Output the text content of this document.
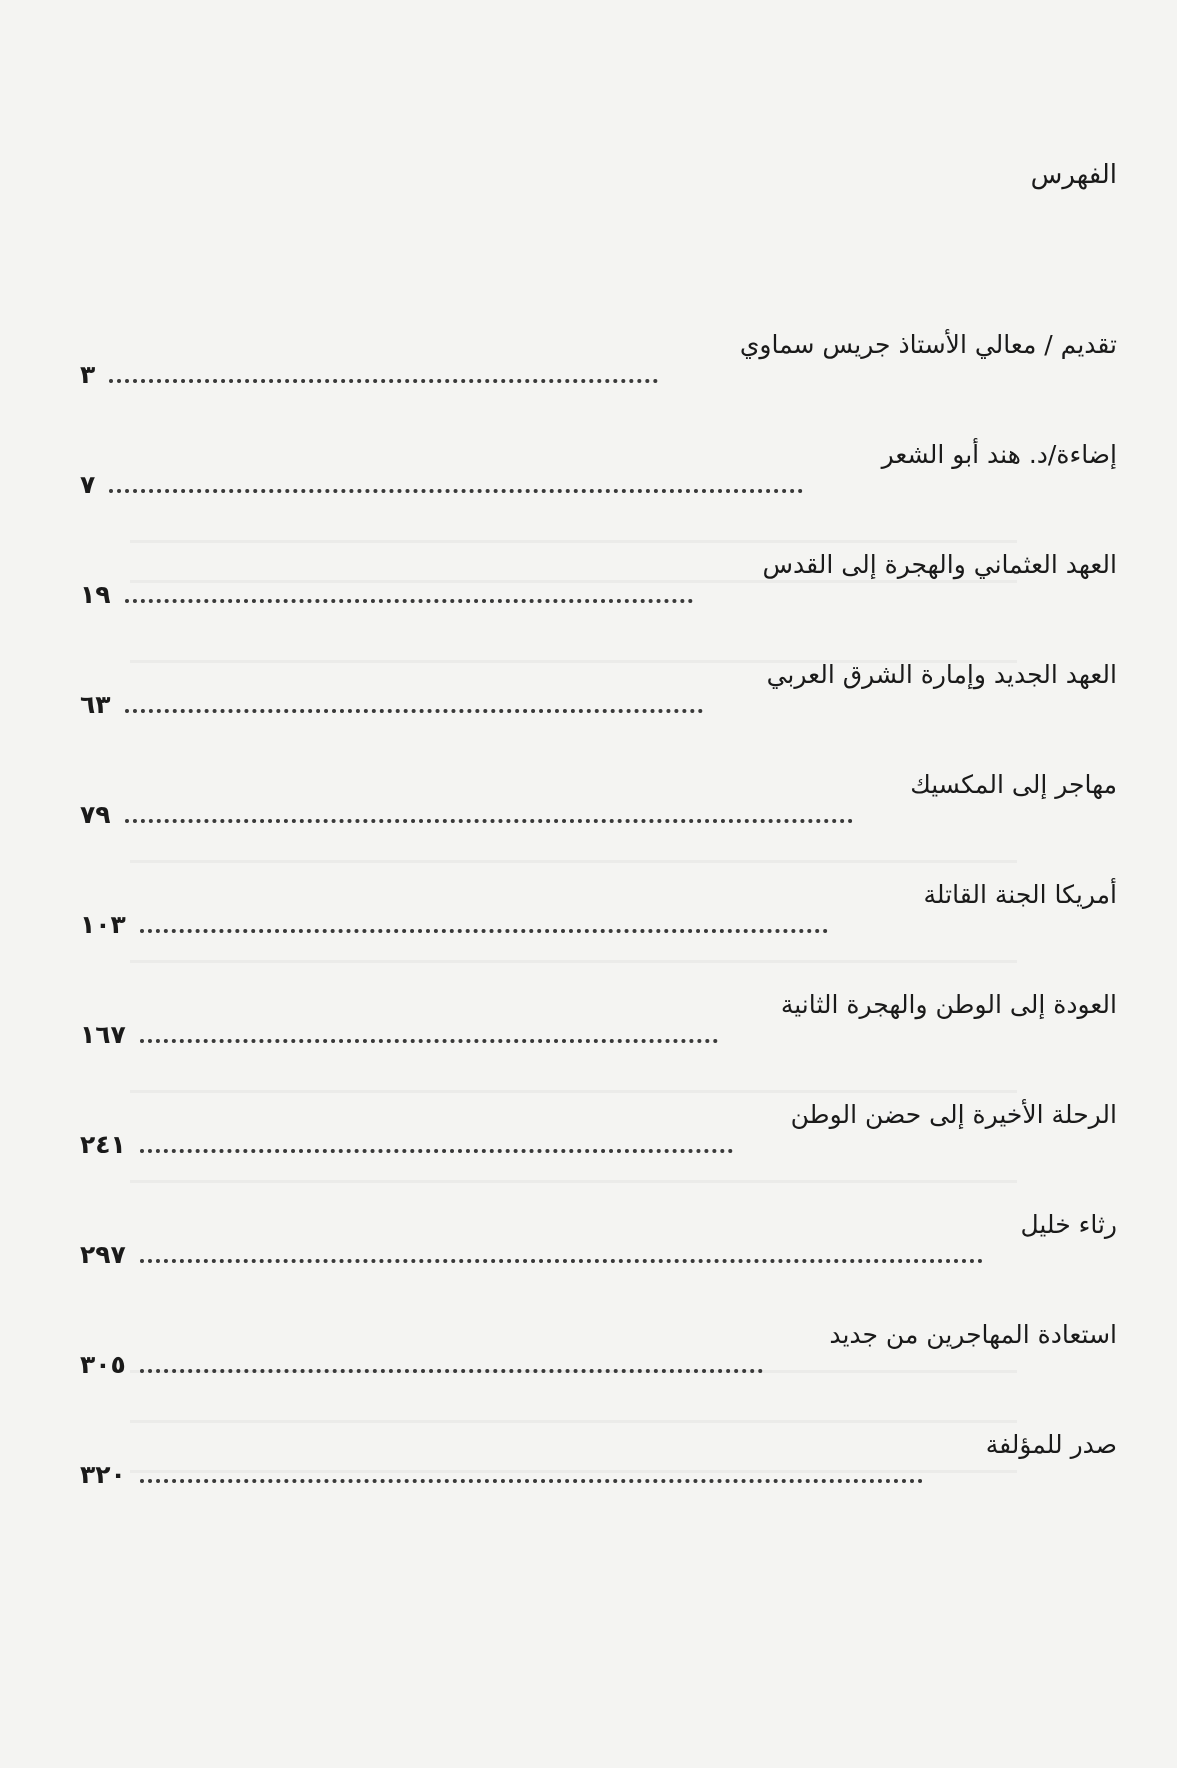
الفهرس
تقديم / معالي الأستاذ جريس سماوي
٣
إضاءة/د. هند أبو الشعر
٧
العهد العثماني والهجرة إلى القدس
١٩
العهد الجديد وإمارة الشرق العربي
٦٣
مهاجر إلى المكسيك
٧٩
أمريكا الجنة القاتلة
١٠٣
العودة إلى الوطن والهجرة الثانية
١٦٧
الرحلة الأخيرة إلى حضن الوطن
٢٤١
رثاء خليل
٢٩٧
استعادة المهاجرين من جديد
٣٠٥
صدر للمؤلفة
٣٢٠
